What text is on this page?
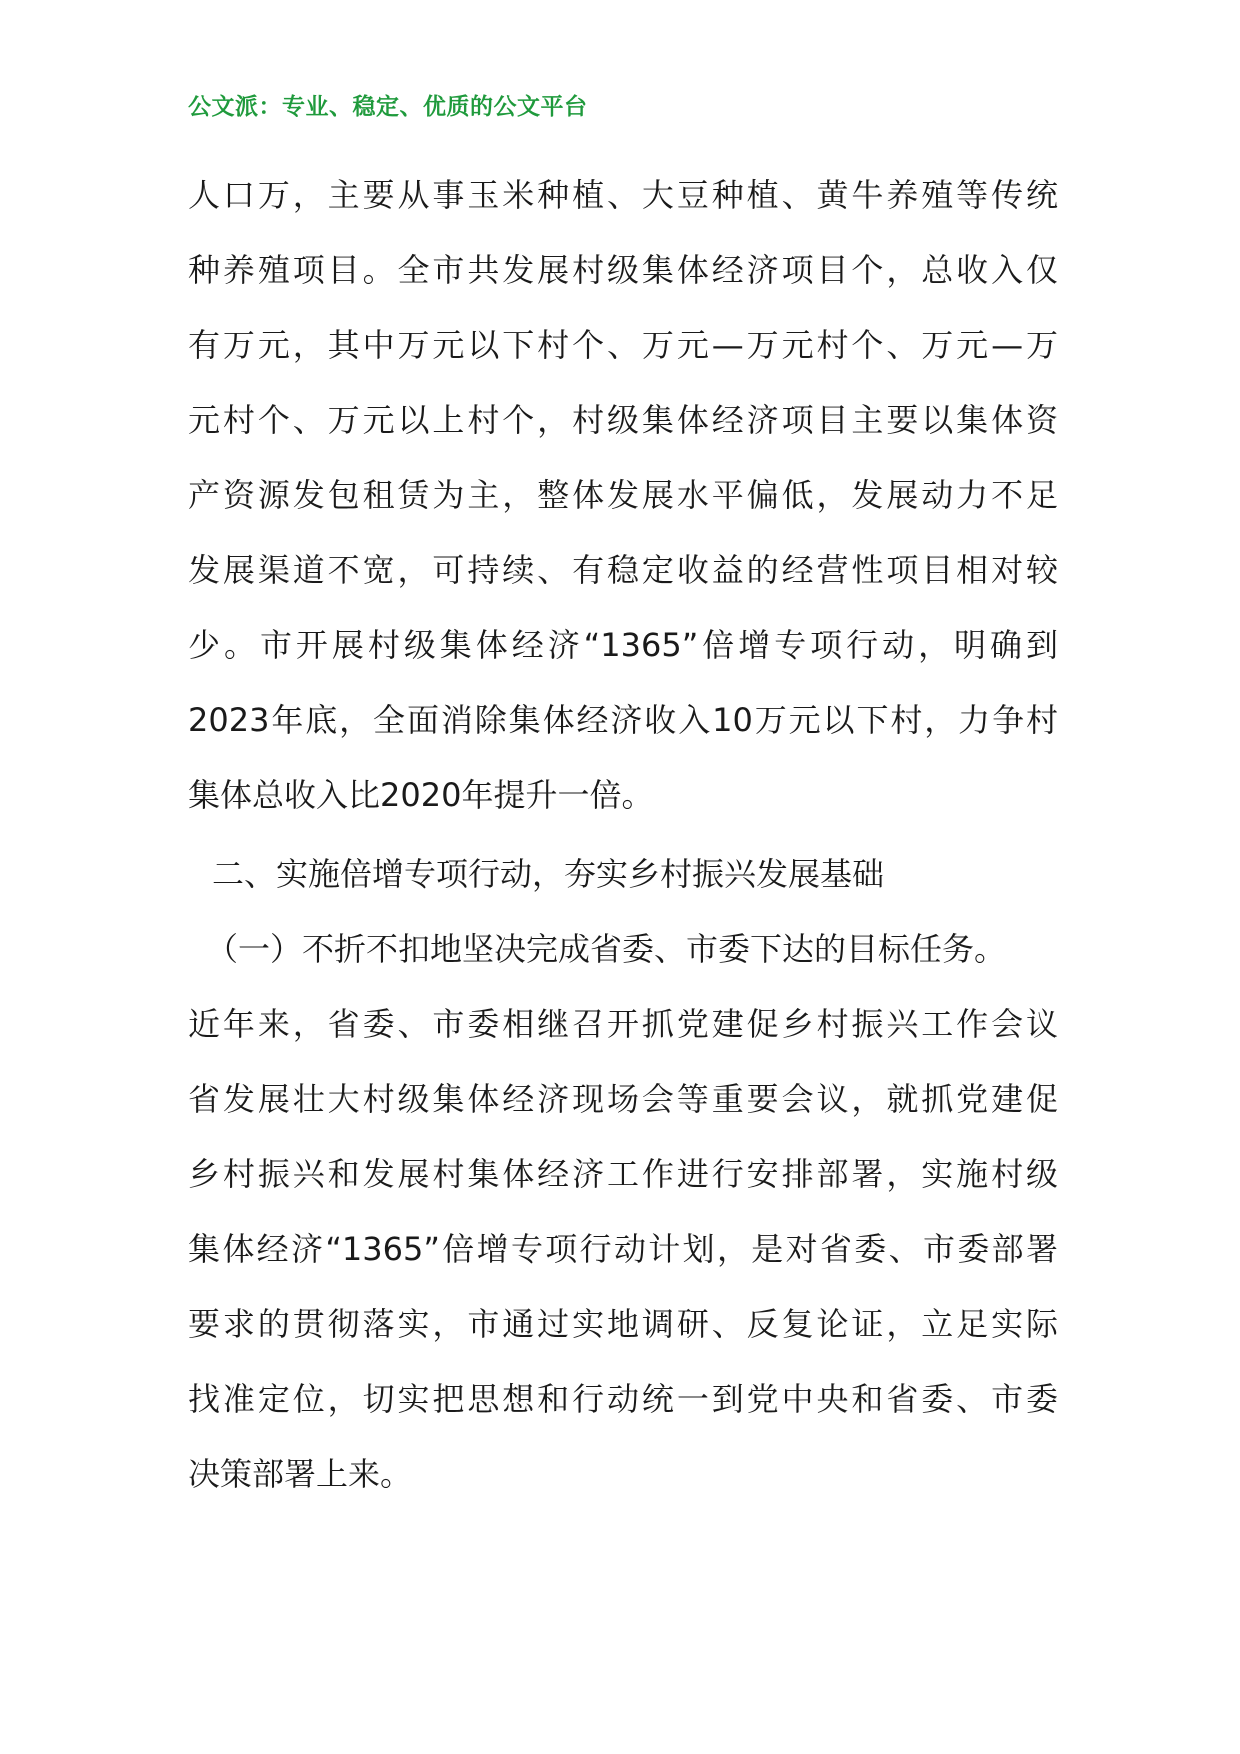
公文派：专业、稳定、优质的公文平台
人口万，主要从事玉米种植、大豆种植、黄牛养殖等传统
种养殖项目。全市共发展村级集体经济项目个，总收入仅
有万元，其中万元以下村个、万元—万元村个、万元—万
元村个、万元以上村个，村级集体经济项目主要以集体资
产资源发包租赁为主，整体发展水平偏低，发展动力不足
发展渠道不宽，可持续、有稳定收益的经营性项目相对较
少。市开展村级集体经济“1365”倍增专项行动，明确到
2023年底，全面消除集体经济收入10万元以下村，力争村
集体总收入比2020年提升一倍。
二、实施倍增专项行动，夯实乡村振兴发展基础
（一）不折不扣地坚决完成省委、市委下达的目标任务。
近年来，省委、市委相继召开抓党建促乡村振兴工作会议
省发展壮大村级集体经济现场会等重要会议，就抓党建促
乡村振兴和发展村集体经济工作进行安排部署，实施村级
集体经济“1365”倍增专项行动计划，是对省委、市委部署
要求的贯彻落实，市通过实地调研、反复论证，立足实际
找准定位，切实把思想和行动统一到党中央和省委、市委
决策部署上来。
